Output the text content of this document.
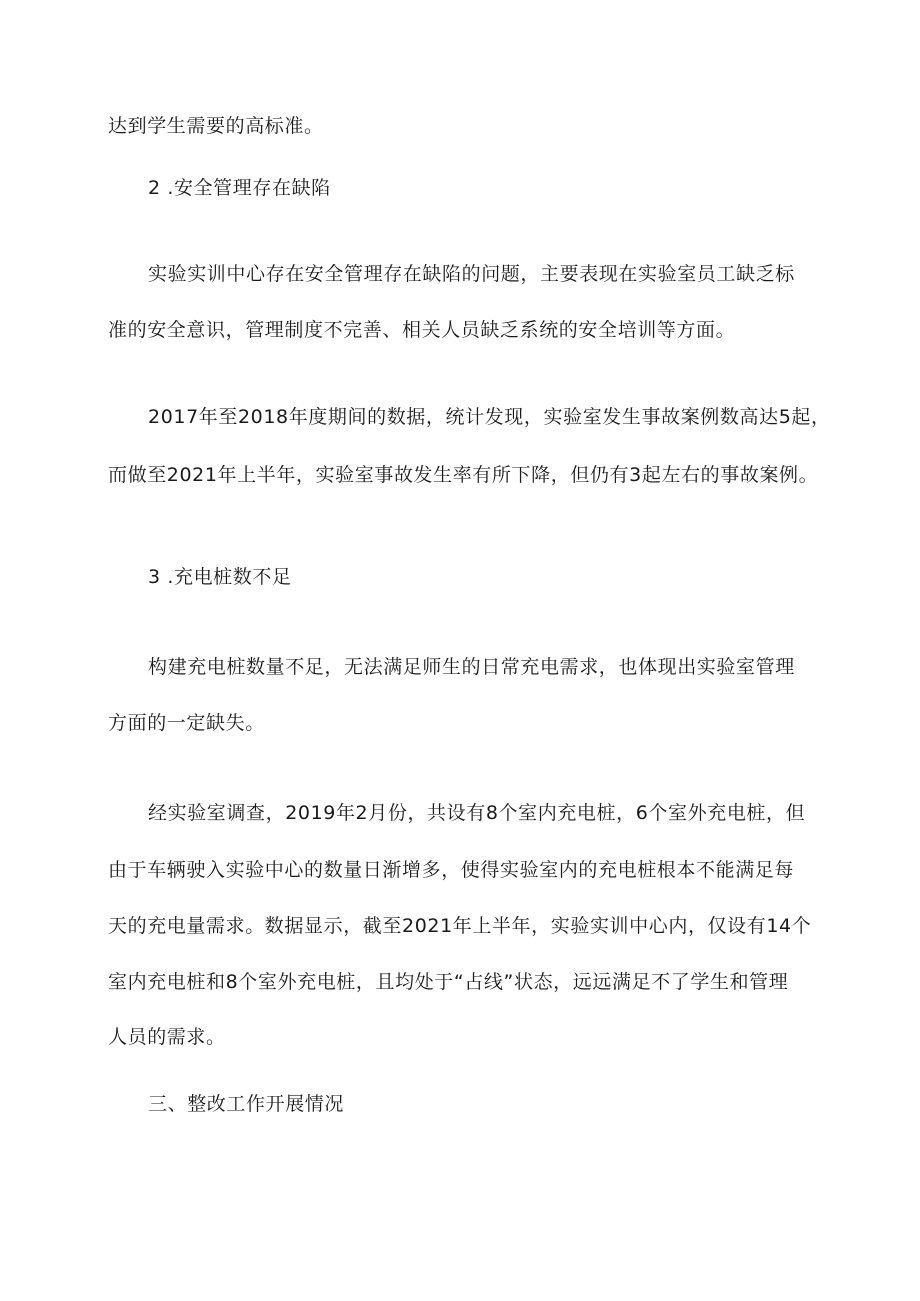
达到学生需要的高标准。
2 .安全管理存在缺陷
实验实训中心存在安全管理存在缺陷的问题，主要表现在实验室员工缺乏标
准的安全意识，管理制度不完善、相关人员缺乏系统的安全培训等方面。
2017年至2018年度期间的数据，统计发现，实验室发生事故案例数高达5起，
而做至2021年上半年，实验室事故发生率有所下降，但仍有3起左右的事故案例。
3 .充电桩数不足
构建充电桩数量不足，无法满足师生的日常充电需求，也体现出实验室管理
方面的一定缺失。
经实验室调查，2019年2月份，共设有8个室内充电桩，6个室外充电桩，但
由于车辆驶入实验中心的数量日渐增多，使得实验室内的充电桩根本不能满足每
天的充电量需求。数据显示，截至2021年上半年，实验实训中心内，仅设有14个
室内充电桩和8个室外充电桩，且均处于“占线”状态，远远满足不了学生和管理
人员的需求。
三、整改工作开展情况
